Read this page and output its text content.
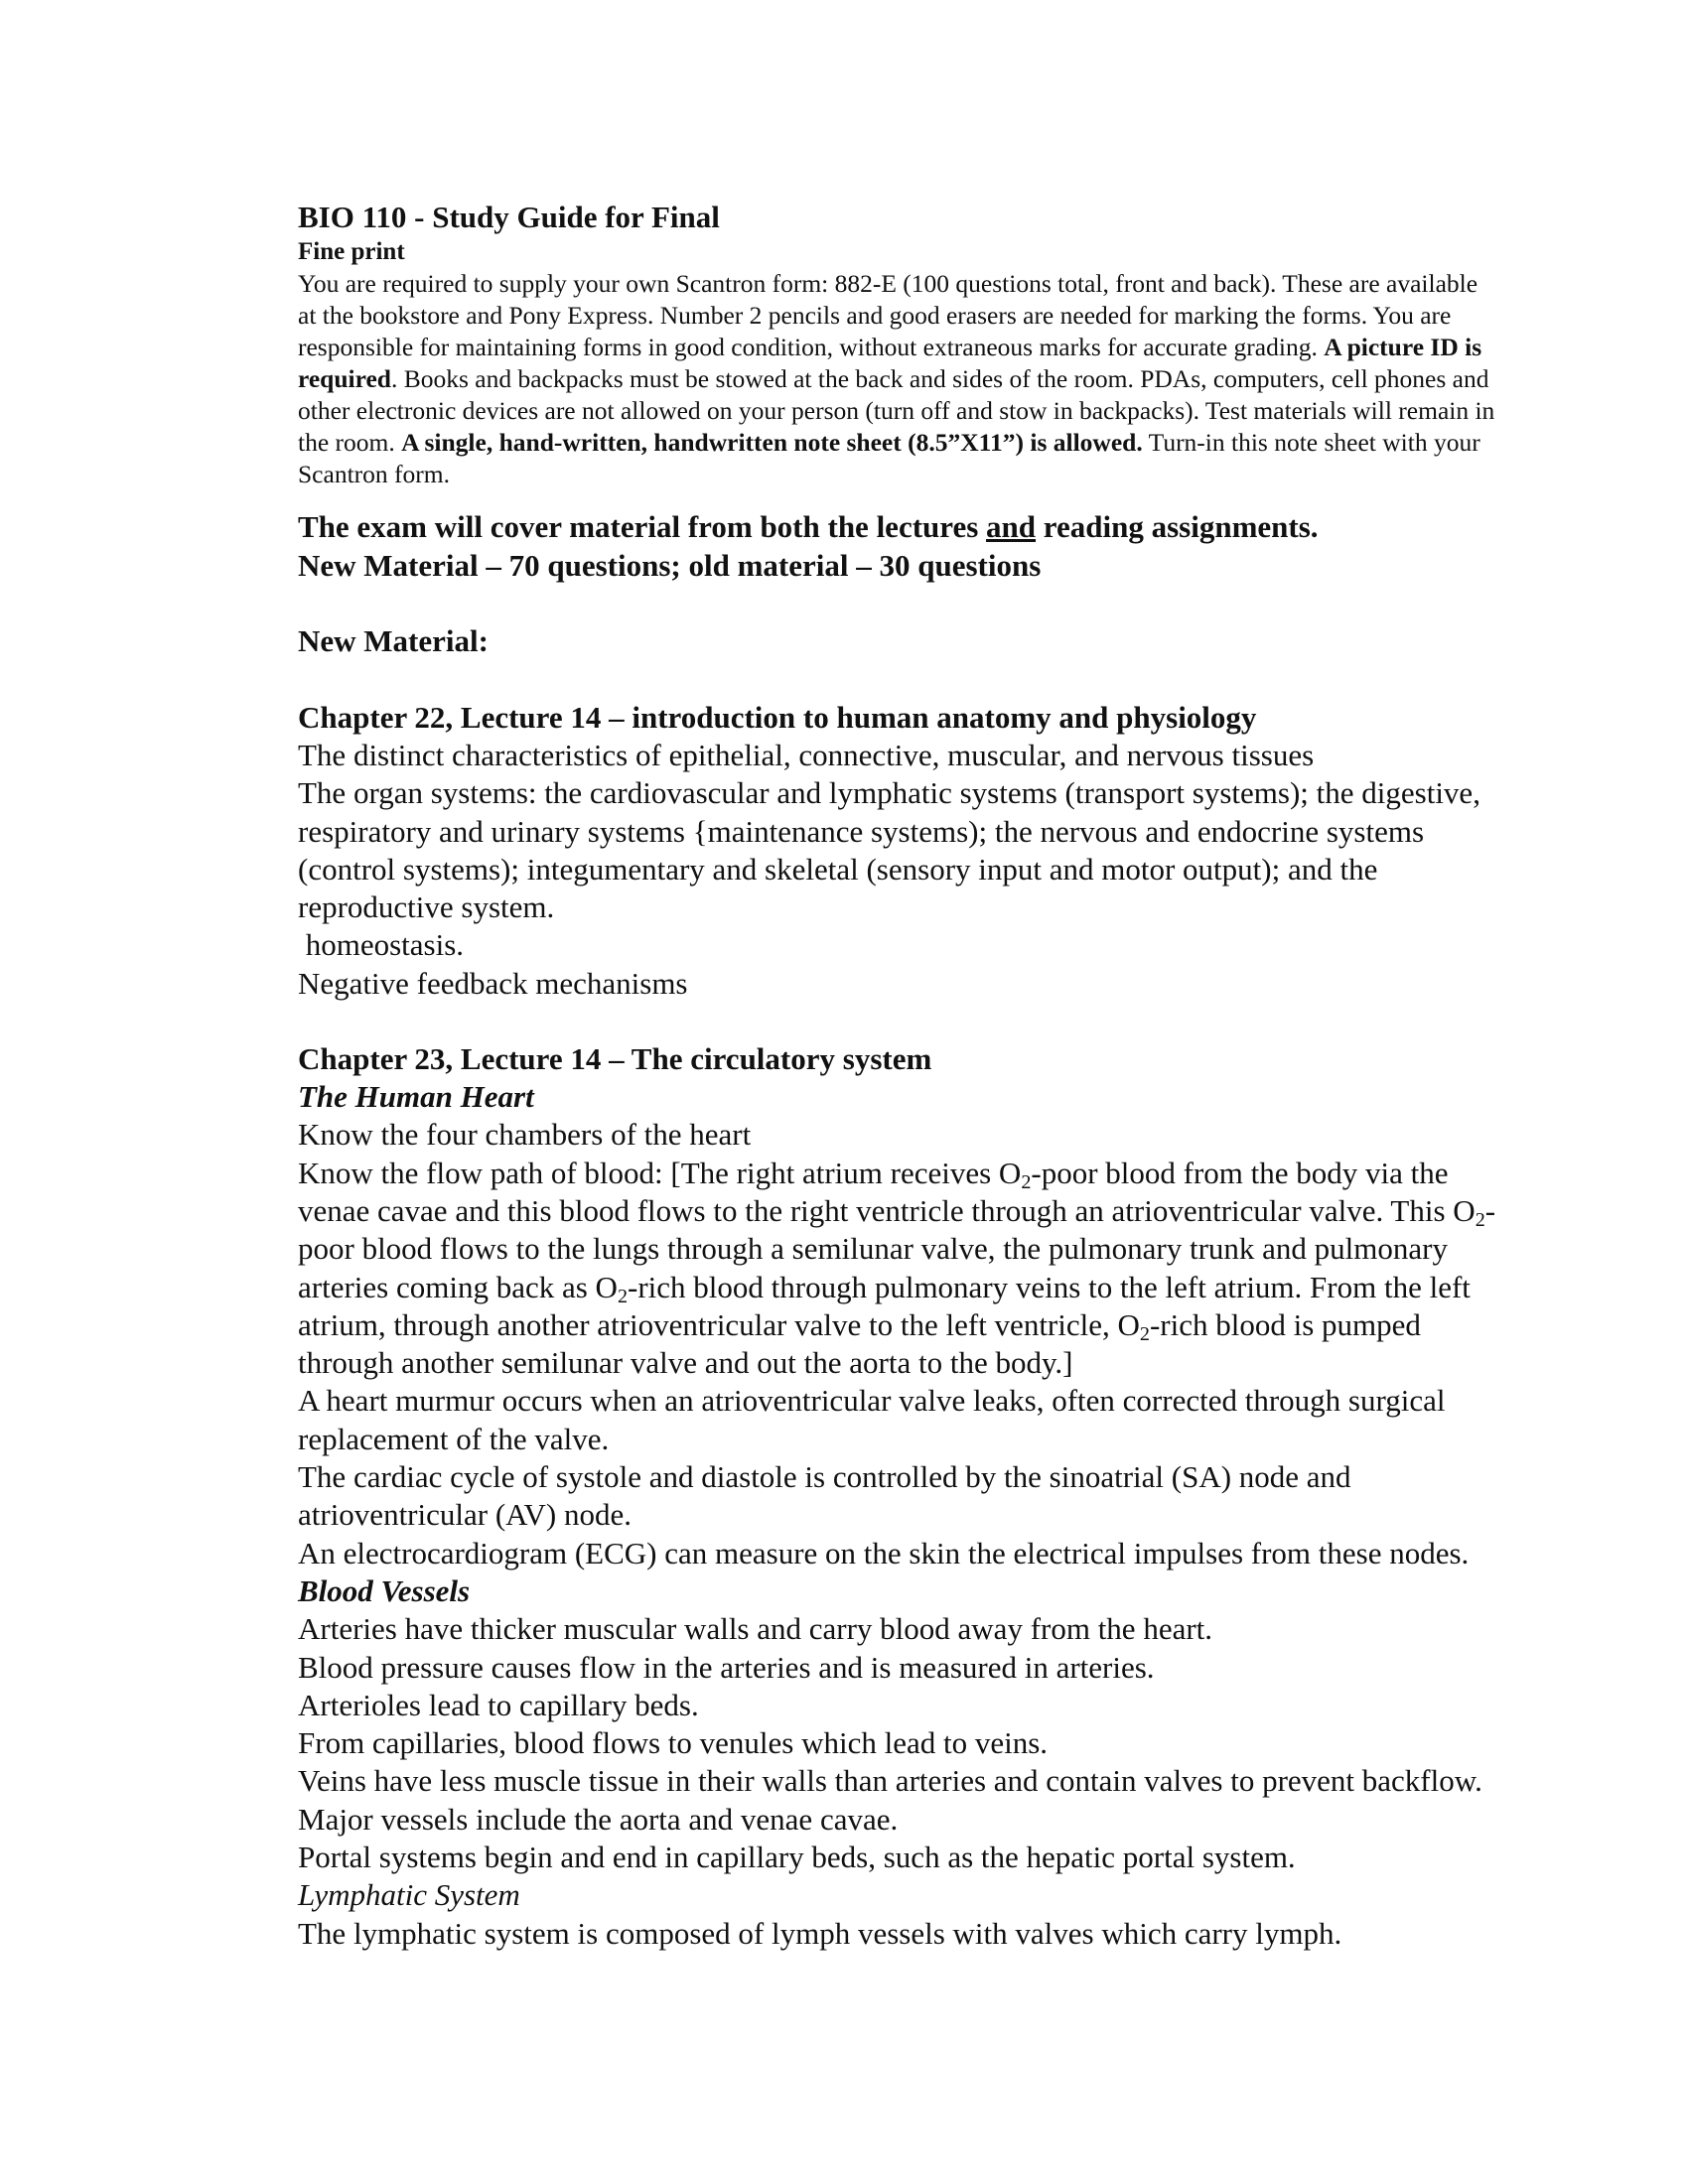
BIO 110 - Study Guide for Final

Fine print

You are required to supply your own Scantron form: 882-E (100 questions total, front and back). These are available at the bookstore and Pony Express. Number 2 pencils and good erasers are needed for marking the forms. You are responsible for maintaining forms in good condition, without extraneous marks for accurate grading. A picture ID is required. Books and backpacks must be stowed at the back and sides of the room. PDAs, computers, cell phones and other electronic devices are not allowed on your person (turn off and stow in backpacks). Test materials will remain in the room. A single, hand-written, handwritten note sheet (8.5”X11”) is allowed. Turn-in this note sheet with your Scantron form.

The exam will cover material from both the lectures and reading assignments.

New Material – 70 questions; old material – 30 questions

New Material:

Chapter 22, Lecture 14 – introduction to human anatomy and physiology

The distinct characteristics of epithelial, connective, muscular, and nervous tissues

The organ systems: the cardiovascular and lymphatic systems (transport systems); the digestive, respiratory and urinary systems {maintenance systems); the nervous and endocrine systems (control systems); integumentary and skeletal (sensory input and motor output); and the reproductive system.

homeostasis.

Negative feedback mechanisms

Chapter 23, Lecture 14 – The circulatory system

The Human Heart

Know the four chambers of the heart

Know the flow path of blood: [The right atrium receives $O_2$-poor blood from the body via the venae cavae and this blood flows to the right ventricle through an atrioventricular valve. This $O_2$-poor blood flows to the lungs through a semilunar valve, the pulmonary trunk and pulmonary arteries coming back as $O_2$-rich blood through pulmonary veins to the left atrium. From the left atrium, through another atrioventricular valve to the left ventricle, $O_2$-rich blood is pumped through another semilunar valve and out the aorta to the body.]

A heart murmur occurs when an atrioventricular valve leaks, often corrected through surgical replacement of the valve.

The cardiac cycle of systole and diastole is controlled by the sinoatrial (SA) node and atrioventricular (AV) node.

An electrocardiogram (ECG) can measure on the skin the electrical impulses from these nodes.

Blood Vessels

Arteries have thicker muscular walls and carry blood away from the heart.

Blood pressure causes flow in the arteries and is measured in arteries.

Arterioles lead to capillary beds.

From capillaries, blood flows to venules which lead to veins.

Veins have less muscle tissue in their walls than arteries and contain valves to prevent backflow.

Major vessels include the aorta and venae cavae.

Portal systems begin and end in capillary beds, such as the hepatic portal system.

Lymphatic System

The lymphatic system is composed of lymph vessels with valves which carry lymph.
